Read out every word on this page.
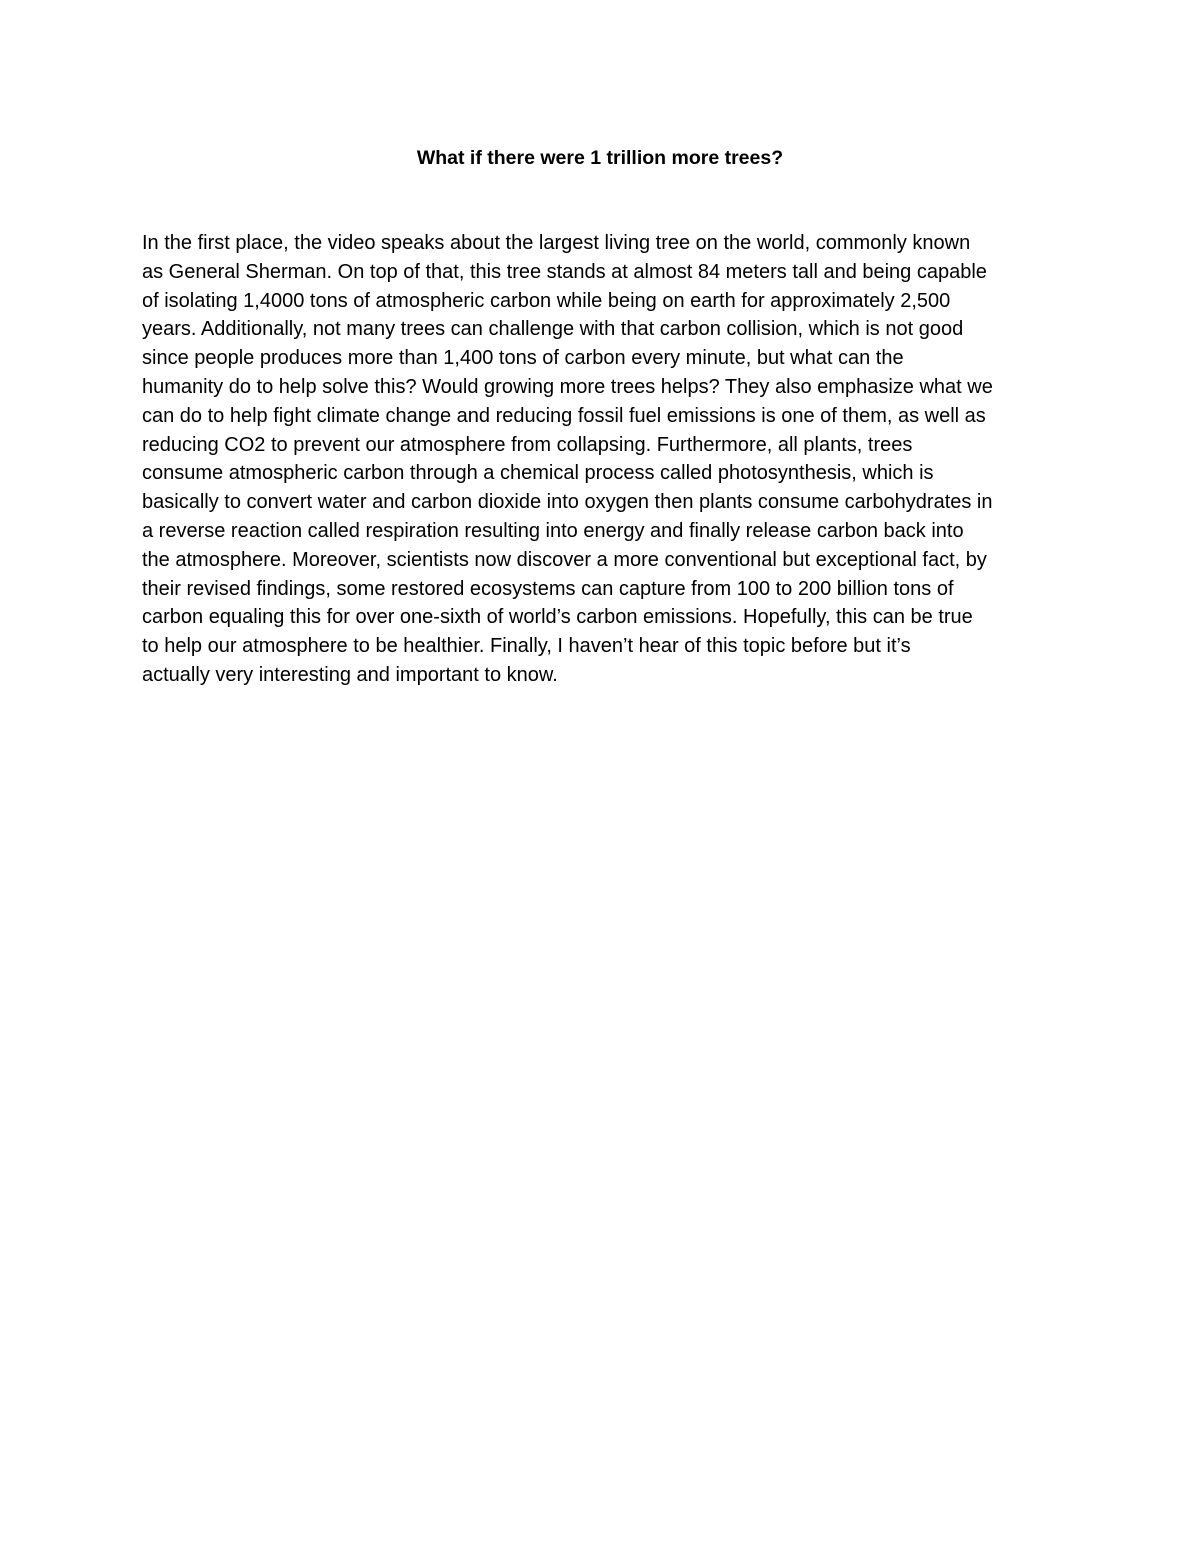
What if there were 1 trillion more trees?

In the first place, the video speaks about the largest living tree on the world, commonly known
as General Sherman. On top of that, this tree stands at almost 84 meters tall and being capable
of isolating 1,4000 tons of atmospheric carbon while being on earth for approximately 2,500
years. Additionally, not many trees can challenge with that carbon collision, which is not good
since people produces more than 1,400 tons of carbon every minute, but what can the
humanity do to help solve this? Would growing more trees helps? They also emphasize what we
can do to help fight climate change and reducing fossil fuel emissions is one of them, as well as
reducing CO2 to prevent our atmosphere from collapsing. Furthermore, all plants, trees
consume atmospheric carbon through a chemical process called photosynthesis, which is
basically to convert water and carbon dioxide into oxygen then plants consume carbohydrates in
a reverse reaction called respiration resulting into energy and finally release carbon back into
the atmosphere. Moreover, scientists now discover a more conventional but exceptional fact, by
their revised findings, some restored ecosystems can capture from 100 to 200 billion tons of
carbon equaling this for over one-sixth of world’s carbon emissions. Hopefully, this can be true
to help our atmosphere to be healthier. Finally, I haven’t hear of this topic before but it’s
actually very interesting and important to know.
